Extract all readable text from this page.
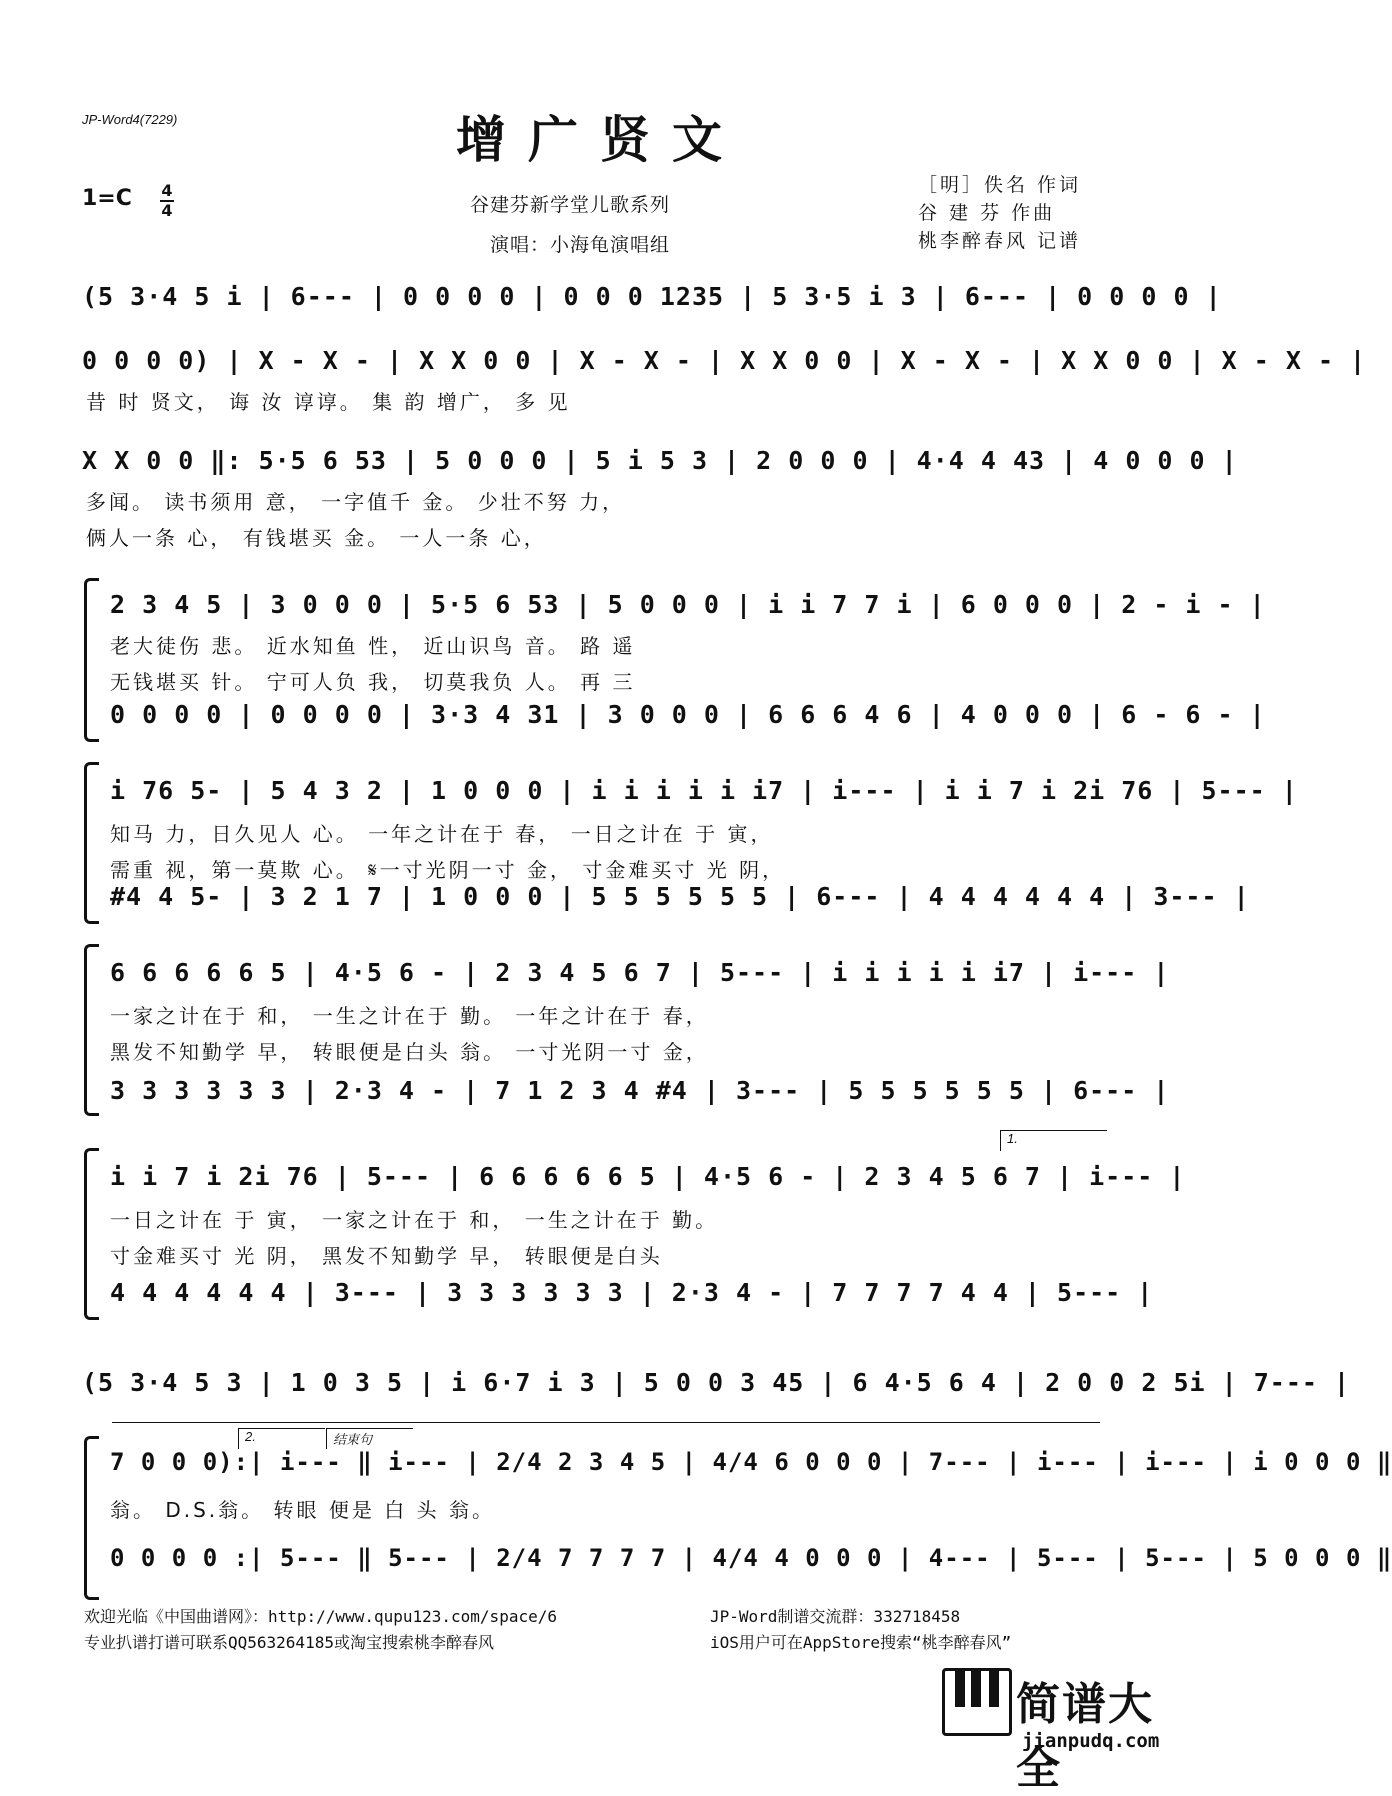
JP-Word4(7229)	增广贤文
1=C 4
4	谷建芬新学堂儿歌系列
演唱：小海龟演唱组
［明］佚名 作词
谷 建 芬 作曲
桃李醉春风 记谱
(5 3·4 5 i | 6--- | 0 0 0 0 | 0 0 0 1235 | 5 3·5 i 3 | 6--- | 0 0 0 0 |
0 0 0 0) | X - X - | X X 0 0 | X - X - | X X 0 0 | X - X - | X X 0 0 | X - X - |
昔 时 贤文， 诲 汝 谆谆。 集 韵 增广， 多 见
X X 0 0 ‖: 5·5 6 53 | 5 0 0 0 | 5 i 5 3 | 2 0 0 0 | 4·4 4 43 | 4 0 0 0 |
多闻。 读书须用 意， 一字值千 金。 少壮不努 力，
俩人一条 心， 有钱堪买 金。 一人一条 心，
2 3 4 5 | 3 0 0 0 | 5·5 6 53 | 5 0 0 0 | i i 7 7 i | 6 0 0 0 | 2 - i - |
老大徒伤 悲。 近水知鱼 性， 近山识鸟 音。 路 遥
无钱堪买 针。 宁可人负 我， 切莫我负 人。 再 三
0 0 0 0 | 0 0 0 0 | 3·3 4 31 | 3 0 0 0 | 6 6 6 4 6 | 4 0 0 0 | 6 - 6 - |
i 76 5- | 5 4 3 2 | 1 0 0 0 | i i i i i i7 | i--- | i i 7 i 2i 76 | 5--- |
知马 力，日久见人 心。 一年之计在于 春， 一日之计在 于 寅，
需重 视，第一莫欺 心。 𝄋一寸光阴一寸 金， 寸金难买寸 光 阴，
#4 4 5- | 3 2 1 7 | 1 0 0 0 | 5 5 5 5 5 5 | 6--- | 4 4 4 4 4 4 | 3--- |
6 6 6 6 6 5 | 4·5 6 - | 2 3 4 5 6 7 | 5--- | i i i i i i7 | i--- |
一家之计在于 和， 一生之计在于 勤。 一年之计在于 春，
黑发不知勤学 早， 转眼便是白头 翁。 一寸光阴一寸 金，
3 3 3 3 3 3 | 2·3 4 - | 7 1 2 3 4 #4 | 3--- | 5 5 5 5 5 5 | 6--- |
1.
i i 7 i 2i 76 | 5--- | 6 6 6 6 6 5 | 4·5 6 - | 2 3 4 5 6 7 | i--- |
一日之计在 于 寅， 一家之计在于 和， 一生之计在于 勤。
寸金难买寸 光 阴， 黑发不知勤学 早， 转眼便是白头
4 4 4 4 4 4 | 3--- | 3 3 3 3 3 3 | 2·3 4 - | 7 7 7 7 4 4 | 5--- |
(5 3·4 5 3 | 1 0 3 5 | i 6·7 i 3 | 5 0 0 3 45 | 6 4·5 6 4 | 2 0 0 2 5i | 7--- |
2.	结束句
7 0 0 0):| i--- ‖ i--- | 2/4 2 3 4 5 | 4/4 6 0 0 0 | 7--- | i--- | i--- | i 0 0 0 ‖
翁。 D.S.翁。 转眼 便是 白 头 翁。
0 0 0 0 :| 5--- ‖ 5--- | 2/4 7 7 7 7 | 4/4 4 0 0 0 | 4--- | 5--- | 5--- | 5 0 0 0 ‖
欢迎光临《中国曲谱网》：http://www.qupu123.com/space/6
专业扒谱打谱可联系QQ563264185或淘宝搜索桃李醉春风
JP-Word制谱交流群：332718458
iOS用户可在AppStore搜索“桃李醉春风”
简谱大全
jianpudq.com
